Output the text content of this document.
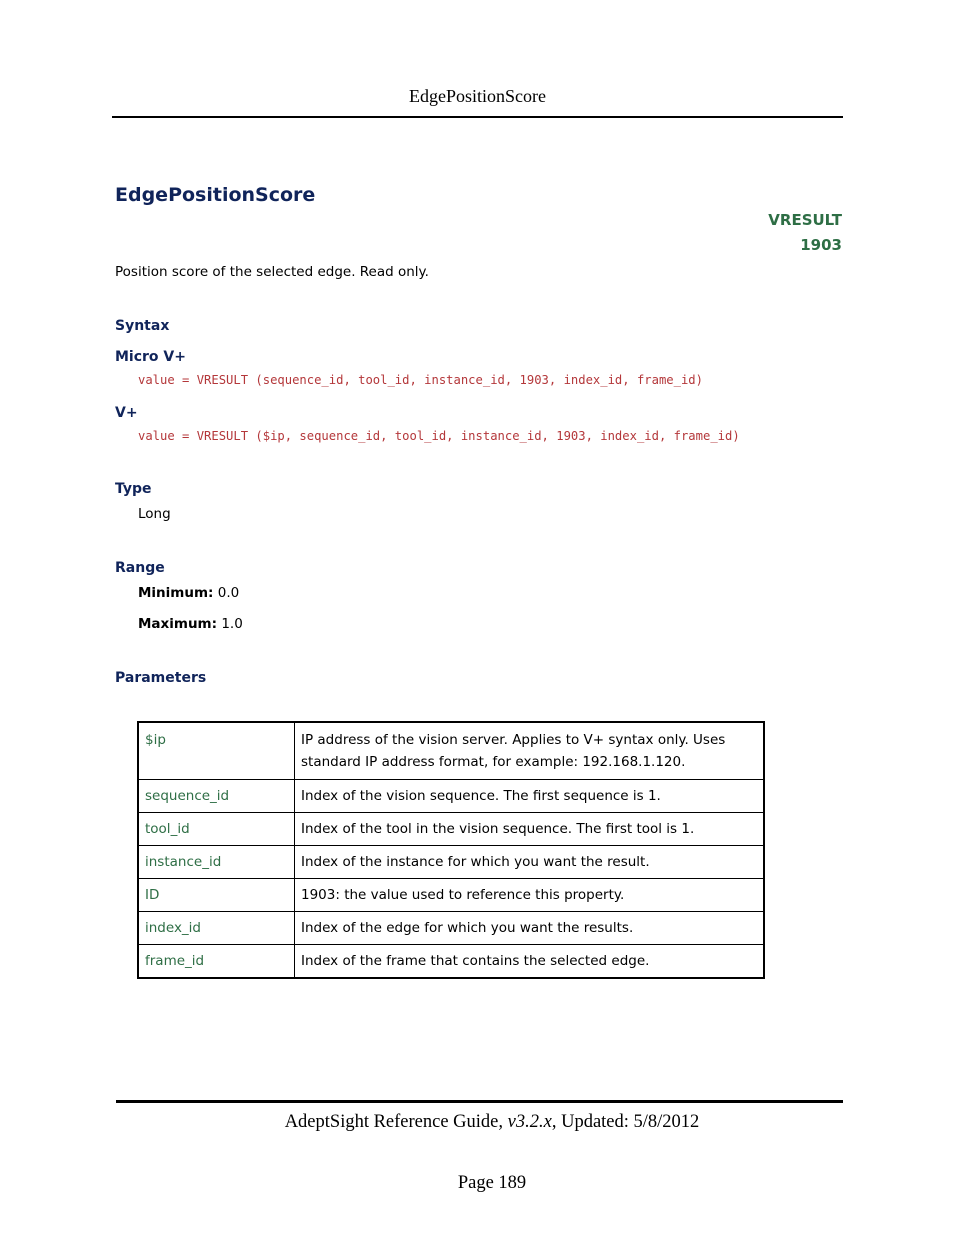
EdgePositionScore
EdgePositionScore
VRESULT
1903
Position score of the selected edge. Read only.
Syntax
Micro V+
value = VRESULT (sequence_id, tool_id, instance_id, 1903, index_id, frame_id)
V+
value = VRESULT ($ip, sequence_id, tool_id, instance_id, 1903, index_id, frame_id)
Type
Long
Range
Minimum: 0.0
Maximum: 1.0
Parameters
$ip	IP address of the vision server. Applies to V+ syntax only. Uses
standard IP address format, for example: 192.168.1.120.

sequence_id	Index of the vision sequence. The first sequence is 1.
tool_id	Index of the tool in the vision sequence. The first tool is 1.
instance_id	Index of the instance for which you want the result.
ID	1903: the value used to reference this property.
index_id	Index of the edge for which you want the results.
frame_id	Index of the frame that contains the selected edge.
AdeptSight Reference Guide, v3.2.x, Updated: 5/8/2012
Page 189
